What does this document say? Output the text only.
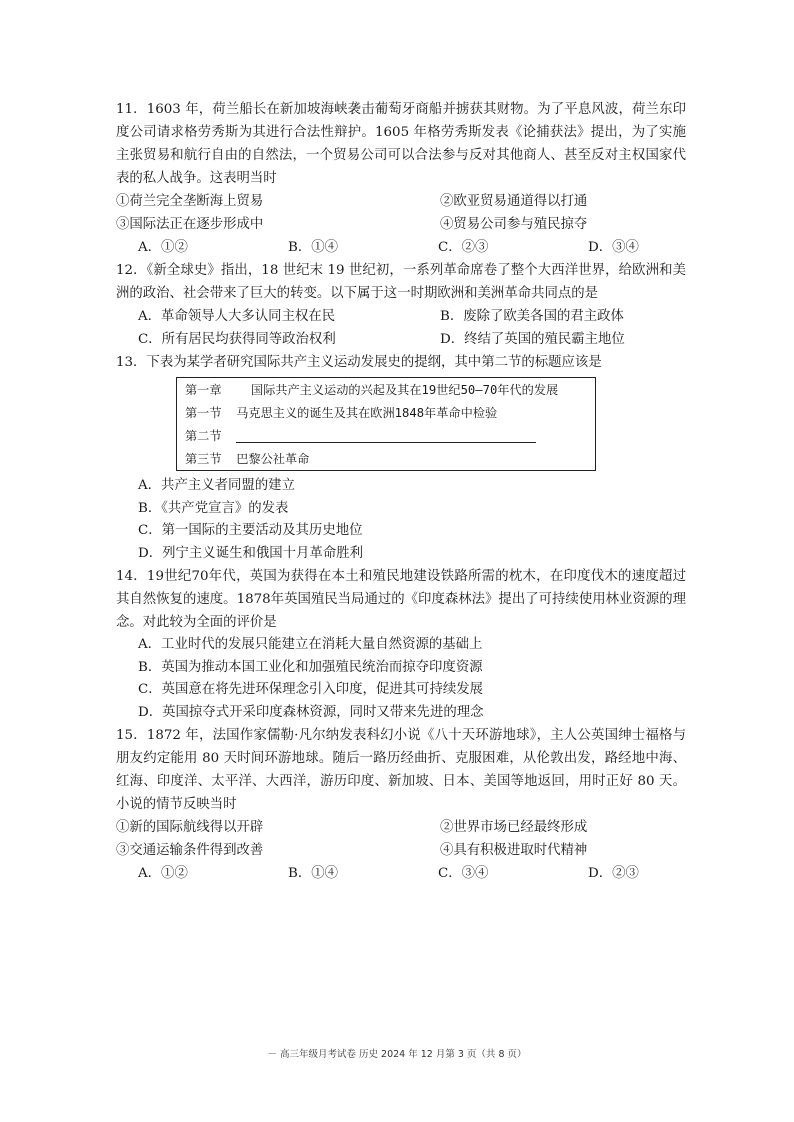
11．1603 年，荷兰船长在新加坡海峡袭击葡萄牙商船并掳获其财物。为了平息风波，荷兰东印度公司请求格劳秀斯为其进行合法性辩护。1605 年格劳秀斯发表《论捕获法》提出，为了实施主张贸易和航行自由的自然法，一个贸易公司可以合法参与反对其他商人、甚至反对主权国家代表的私人战争。这表明当时

①荷兰完全垄断海上贸易	②欧亚贸易通道得以打通
③国际法正在逐步形成中	④贸易公司参与殖民掠夺
A．①②	B．①④	C．②③	D．③④

12．《新全球史》指出，18 世纪末 19 世纪初，一系列革命席卷了整个大西洋世界，给欧洲和美洲的政治、社会带来了巨大的转变。以下属于这一时期欧洲和美洲革命共同点的是

A．革命领导人大多认同主权在民	B．废除了欧美各国的君主政体
C．所有居民均获得同等政治权利	D．终结了英国的殖民霸主地位

13．下表为某学者研究国际共产主义运动发展史的提纲，其中第二节的标题应该是

第一章 国际共产主义运动的兴起及其在19世纪50—70年代的发展
第一节 马克思主义的诞生及其在欧洲1848年革命中检验
第二节
第三节 巴黎公社革命
A．共产主义者同盟的建立
B．《共产党宣言》的发表
C．第一国际的主要活动及其历史地位
D．列宁主义诞生和俄国十月革命胜利

14．19世纪70年代，英国为获得在本土和殖民地建设铁路所需的枕木，在印度伐木的速度超过其自然恢复的速度。1878年英国殖民当局通过的《印度森林法》提出了可持续使用林业资源的理念。对此较为全面的评价是

A．工业时代的发展只能建立在消耗大量自然资源的基础上
B．英国为推动本国工业化和加强殖民统治而掠夺印度资源
C．英国意在将先进环保理念引入印度，促进其可持续发展
D．英国掠夺式开采印度森林资源，同时又带来先进的理念

15．1872 年，法国作家儒勒·凡尔纳发表科幻小说《八十天环游地球》，主人公英国绅士福格与朋友约定能用 80 天时间环游地球。随后一路历经曲折、克服困难，从伦敦出发，路经地中海、红海、印度洋、太平洋、大西洋，游历印度、新加坡、日本、美国等地返回，用时正好 80 天。小说的情节反映当时

①新的国际航线得以开辟	②世界市场已经最终形成
③交通运输条件得到改善	④具有积极进取时代精神
A．①②	B．①④	C．③④	D．②③
－ 高三年级月考试卷 历史 2024 年 12 月第 3 页（共 8 页）
